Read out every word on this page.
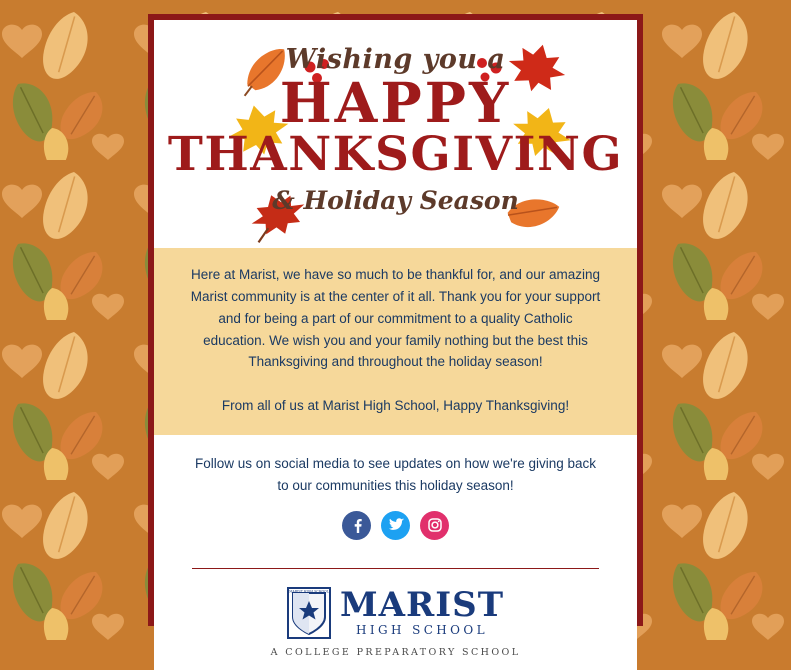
Wishing you a
HAPPY
THANKSGIVING
& Holiday Season

Here at Marist, we have so much to be thankful for, and our amazing Marist community is at the center of it all. Thank you for your support and for being a part of our commitment to a quality Catholic education. We wish you and your family nothing but the best this Thanksgiving and throughout the holiday season!

From all of us at Marist High School, Happy Thanksgiving!

Follow us on social media to see updates on how we're giving back to our communities this holiday season!

MARIST HIGH SCHOOL MARIST
HIGH SCHOOL
A COLLEGE PREPARATORY SCHOOL
